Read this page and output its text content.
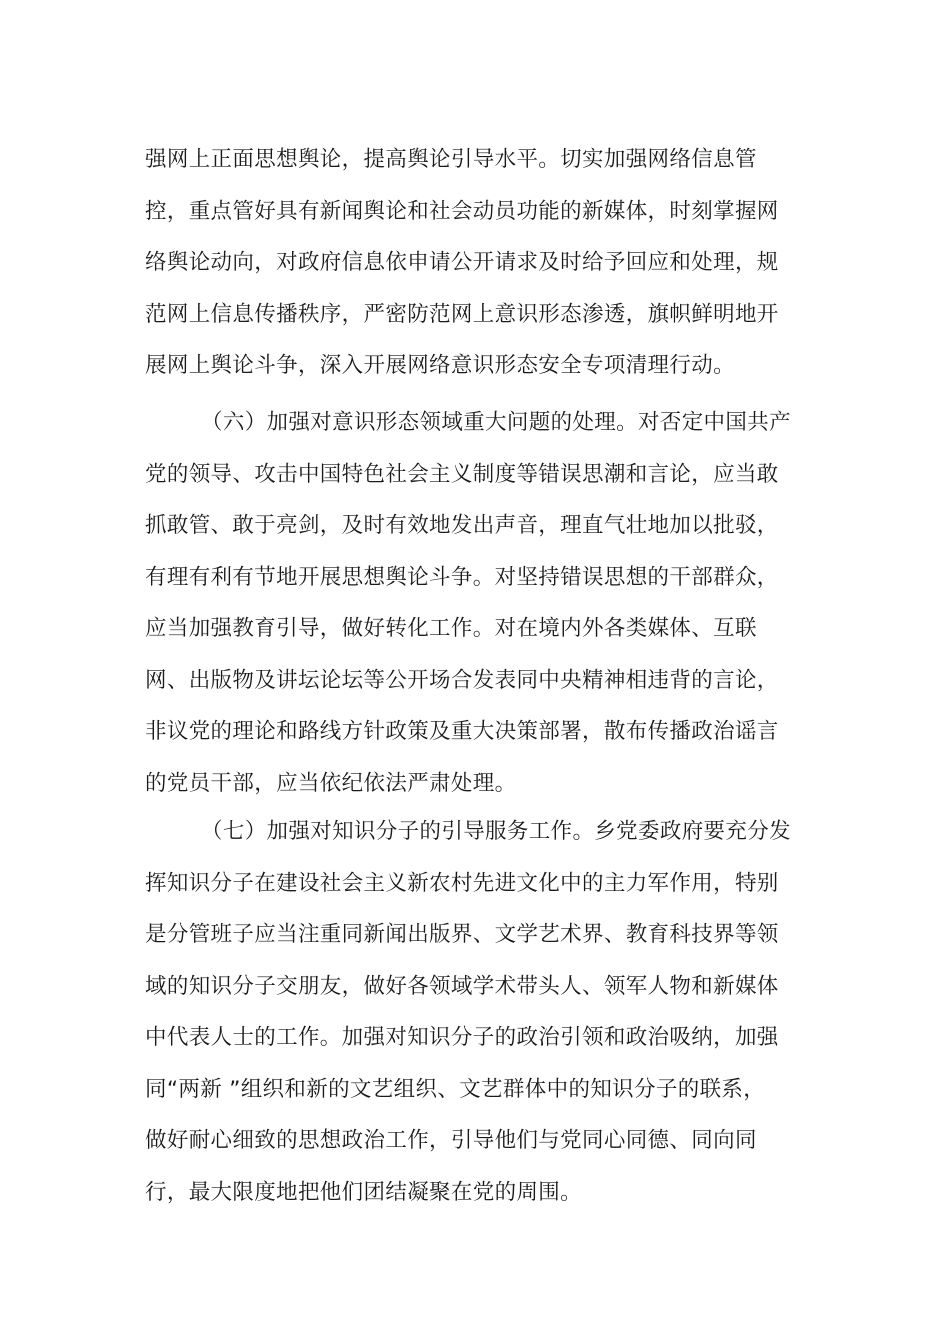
强网上正面思想舆论，提高舆论引导水平。切实加强网络信息管
控，重点管好具有新闻舆论和社会动员功能的新媒体，时刻掌握网
络舆论动向，对政府信息依申请公开请求及时给予回应和处理，规
范网上信息传播秩序，严密防范网上意识形态渗透，旗帜鲜明地开
展网上舆论斗争，深入开展网络意识形态安全专项清理行动。
（六）加强对意识形态领域重大问题的处理。对否定中国共产
党的领导、攻击中国特色社会主义制度等错误思潮和言论，应当敢
抓敢管、敢于亮剑，及时有效地发出声音，理直气壮地加以批驳，
有理有利有节地开展思想舆论斗争。对坚持错误思想的干部群众，
应当加强教育引导，做好转化工作。对在境内外各类媒体、互联
网、出版物及讲坛论坛等公开场合发表同中央精神相违背的言论，
非议党的理论和路线方针政策及重大决策部署，散布传播政治谣言
的党员干部，应当依纪依法严肃处理。
（七）加强对知识分子的引导服务工作。乡党委政府要充分发
挥知识分子在建设社会主义新农村先进文化中的主力军作用，特别
是分管班子应当注重同新闻出版界、文学艺术界、教育科技界等领
域的知识分子交朋友，做好各领域学术带头人、领军人物和新媒体
中代表人士的工作。加强对知识分子的政治引领和政治吸纳，加强
同“两新 ”组织和新的文艺组织、文艺群体中的知识分子的联系，
做好耐心细致的思想政治工作，引导他们与党同心同德、同向同
行，最大限度地把他们团结凝聚在党的周围。
